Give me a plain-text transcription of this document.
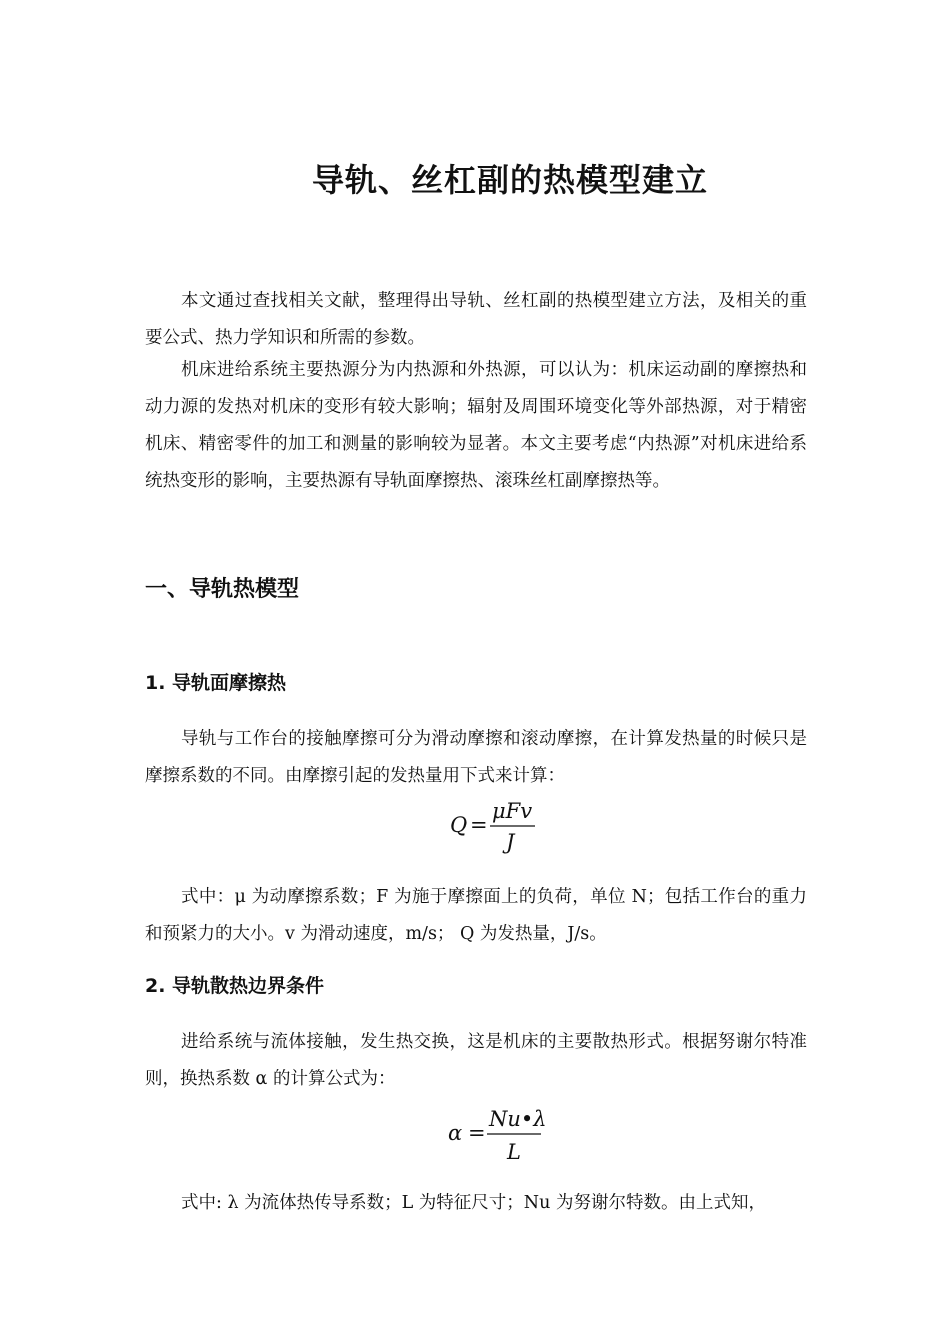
导轨、丝杠副的热模型建立

本文通过查找相关文献，整理得出导轨、丝杠副的热模型建立方法，及相关的重要公式、热力学知识和所需的参数。

机床进给系统主要热源分为内热源和外热源，可以认为：机床运动副的摩擦热和动力源的发热对机床的变形有较大影响；辐射及周围环境变化等外部热源，对于精密机床、精密零件的加工和测量的影响较为显著。本文主要考虑“内热源”对机床进给系统热变形的影响，主要热源有导轨面摩擦热、滚珠丝杠副摩擦热等。

一、导轨热模型
1. 导轨面摩擦热

导轨与工作台的接触摩擦可分为滑动摩擦和滚动摩擦，在计算发热量的时候只是摩擦系数的不同。由摩擦引起的发热量用下式来计算：

Q =
μFv
J

式中：μ 为动摩擦系数；F 为施于摩擦面上的负荷，单位 N；包括工作台的重力和预紧力的大小。v 为滑动速度，m/s； Q 为发热量，J/s。

2. 导轨散热边界条件

进给系统与流体接触，发生热交换，这是机床的主要散热形式。根据努谢尔特准则，换热系数 α 的计算公式为：

α =
Nu•λ
L

式中: λ 为流体热传导系数；L 为特征尺寸；Nu 为努谢尔特数。由上式知，
